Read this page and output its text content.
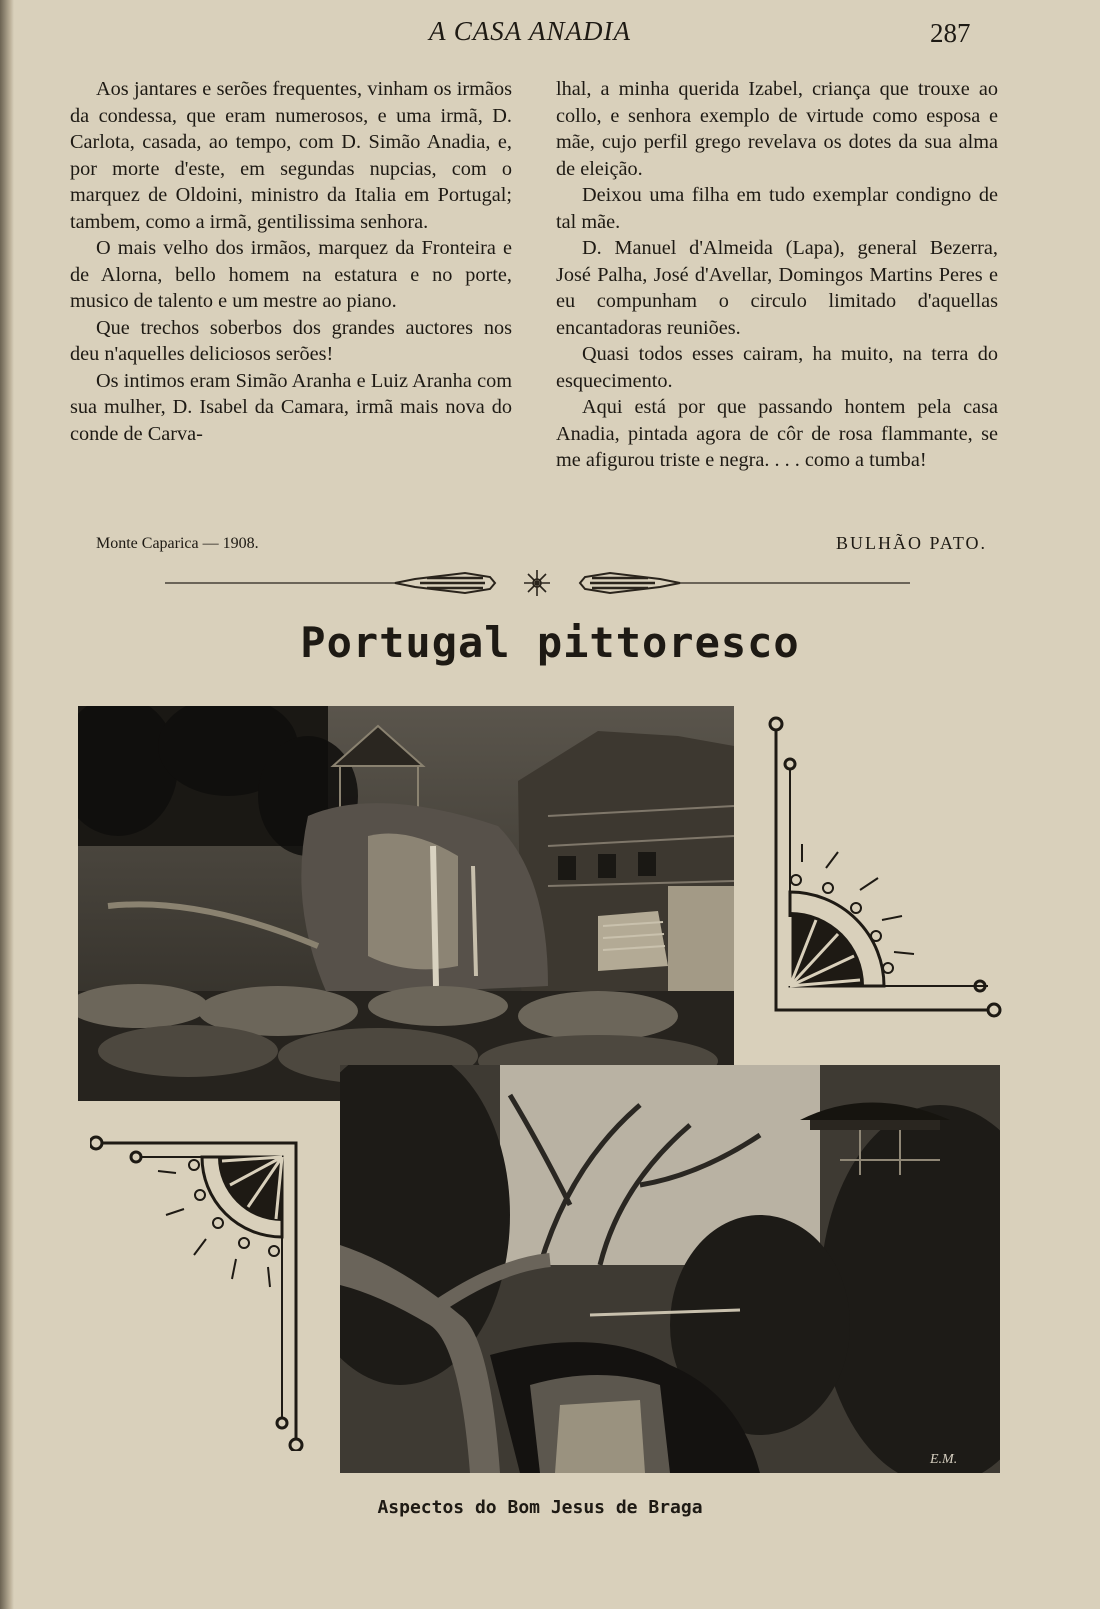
A CASA ANADIA	287

Aos jantares e serões frequentes, vinham os irmãos da condessa, que eram numerosos, e uma irmã, D. Carlota, casada, ao tempo, com D. Simão Anadia, e, por morte d'este, em segundas nupcias, com o marquez de Oldoini, ministro da Italia em Portugal; tambem, como a irmã, gentilissima senhora.

O mais velho dos irmãos, marquez da Fronteira e de Alorna, bello homem na estatura e no porte, musico de talento e um mestre ao piano.

Que trechos soberbos dos grandes auctores nos deu n'aquelles deliciosos serões!

Os intimos eram Simão Aranha e Luiz Aranha com sua mulher, D. Isabel da Camara, irmã mais nova do conde de Carva-

lhal, a minha querida Izabel, criança que trouxe ao collo, e senhora exemplo de virtude como esposa e mãe, cujo perfil grego revelava os dotes da sua alma de eleição.

Deixou uma filha em tudo exemplar condigno de tal mãe.

D. Manuel d'Almeida (Lapa), general Bezerra, José Palha, José d'Avellar, Domingos Martins Peres e eu compunham o circulo limitado d'aquellas encantadoras reuniões.

Quasi todos esses cairam, ha muito, na terra do esquecimento.

Aqui está por que passando hontem pela casa Anadia, pintada agora de côr de rosa flammante, se me afigurou triste e negra. . . . como a tumba!

Monte Caparica — 1908.	BULHÃO PATO.
Portugal pittoresco
E.M.
Aspectos do Bom Jesus de Braga
